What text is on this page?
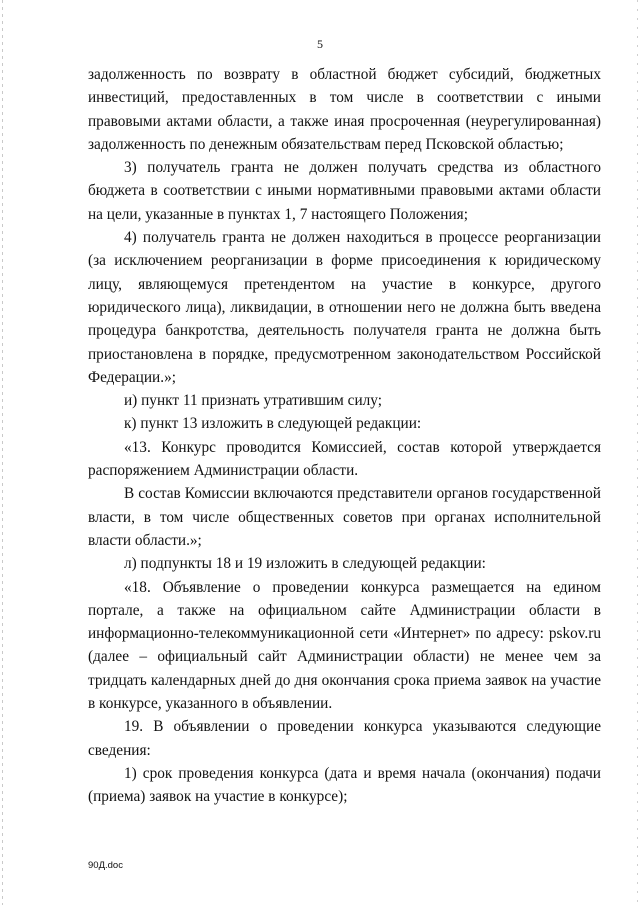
5

задолженность по возврату в областной бюджет субсидий, бюджетных инвестиций, предоставленных в том числе в соответствии с иными правовыми актами области, а также иная просроченная (неурегулированная) задолженность по денежным обязательствам перед Псковской областью;

3) получатель гранта не должен получать средства из областного бюджета в соответствии с иными нормативными правовыми актами области на цели, указанные в пунктах 1, 7 настоящего Положения;

4) получатель гранта не должен находиться в процессе реорганизации (за исключением реорганизации в форме присоединения к юридическому лицу, являющемуся претендентом на участие в конкурсе, другого юридического лица), ликвидации, в отношении него не должна быть введена процедура банкротства, деятельность получателя гранта не должна быть приостановлена в порядке, предусмотренном законодательством Российской Федерации.»;

и) пункт 11 признать утратившим силу;

к) пункт 13 изложить в следующей редакции:

«13. Конкурс проводится Комиссией, состав которой утверждается распоряжением Администрации области.

В состав Комиссии включаются представители органов государственной власти, в том числе общественных советов при органах исполнительной власти области.»;

л) подпункты 18 и 19 изложить в следующей редакции:

«18. Объявление о проведении конкурса размещается на едином портале, а также на официальном сайте Администрации области в информационно-телекоммуникационной сети «Интернет» по адресу: pskov.ru (далее – официальный сайт Администрации области) не менее чем за тридцать календарных дней до дня окончания срока приема заявок на участие в конкурсе, указанного в объявлении.

19. В объявлении о проведении конкурса указываются следующие сведения:

1) срок проведения конкурса (дата и время начала (окончания) подачи (приема) заявок на участие в конкурсе);

90Д.doc
